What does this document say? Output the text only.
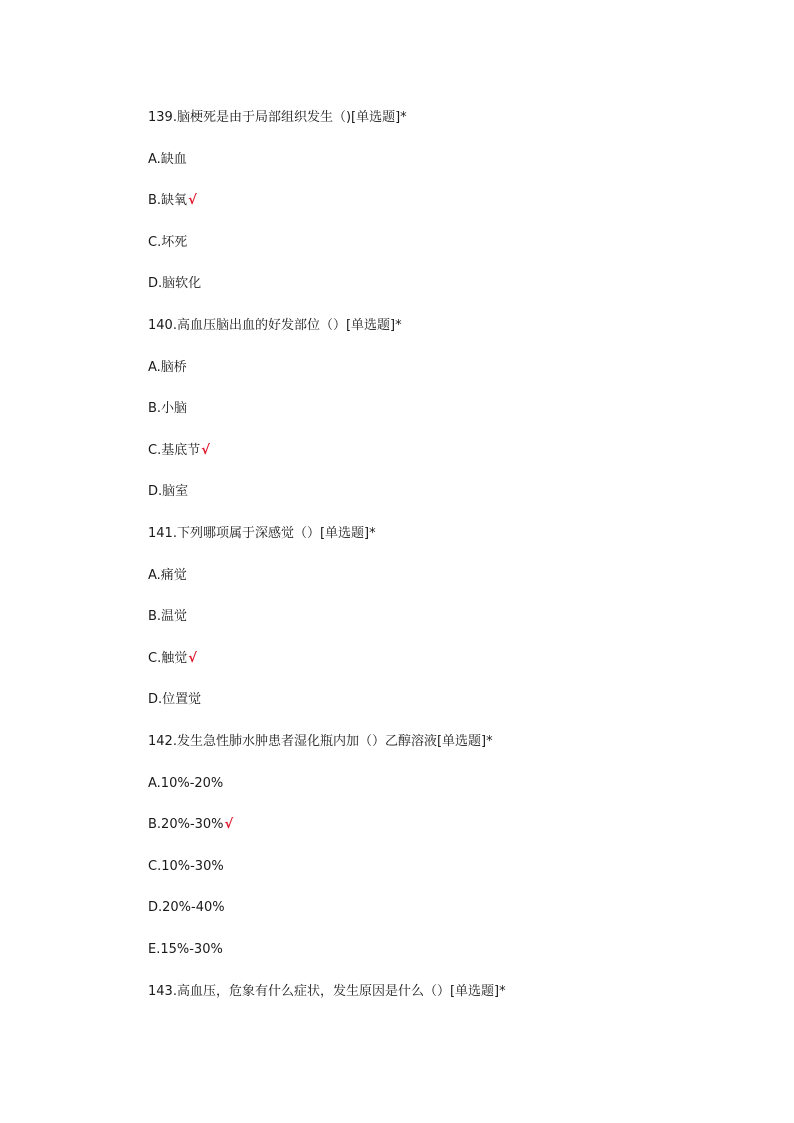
139.脑梗死是由于局部组织发生（)[单选题]*
A.缺血
B.缺氧√
C.坏死
D.脑软化
140.高血压脑出血的好发部位（）[单选题]*
A.脑桥
B.小脑
C.基底节√
D.脑室
141.下列哪项属于深感觉（）[单选题]*
A.痛觉
B.温觉
C.触觉√
D.位置觉
142.发生急性肺水肿患者湿化瓶内加（）乙醇溶液[单选题]*
A.10%-20%
B.20%-30%√
C.10%-30%
D.20%-40%
E.15%-30%
143.高血压，危象有什么症状，发生原因是什么（）[单选题]*
